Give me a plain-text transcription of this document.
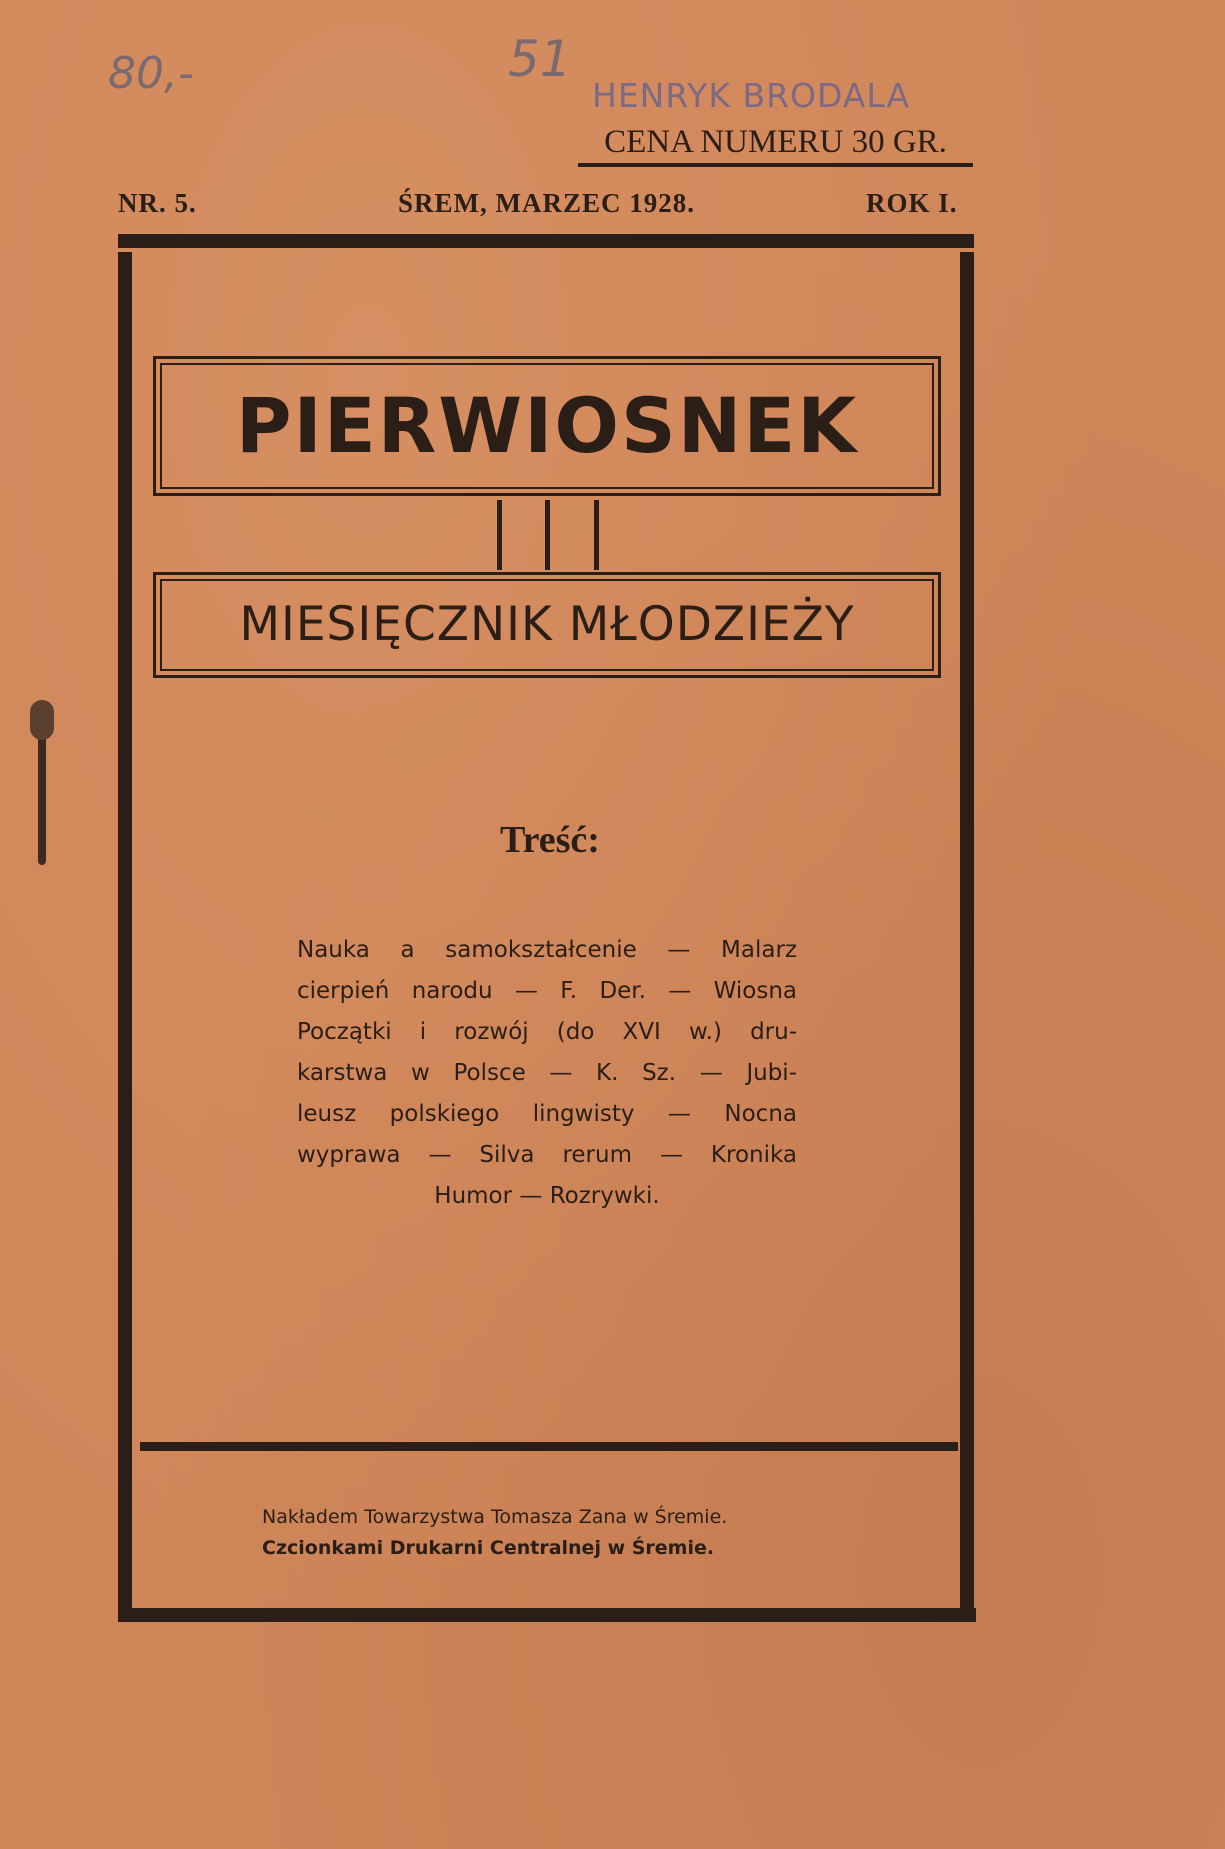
80,-	51
HENRYK BRODALA
CENA NUMERU 30 GR.
NR. 5.	ŚREM, MARZEC 1928.	ROK I.
PIERWIOSNEK
MIESIĘCZNIK MŁODZIEŻY
Treść:
Nauka a samokształcenie — Malarz
cierpień narodu — F. Der. — Wiosna
Początki i rozwój (do XVI w.) dru-
karstwa w Polsce — K. Sz. — Jubi-
leusz polskiego lingwisty — Nocna
wyprawa — Silva rerum — Kronika
Humor — Rozrywki.
Nakładem Towarzystwa Tomasza Zana w Śremie.
Czcionkami Drukarni Centralnej w Śremie.
